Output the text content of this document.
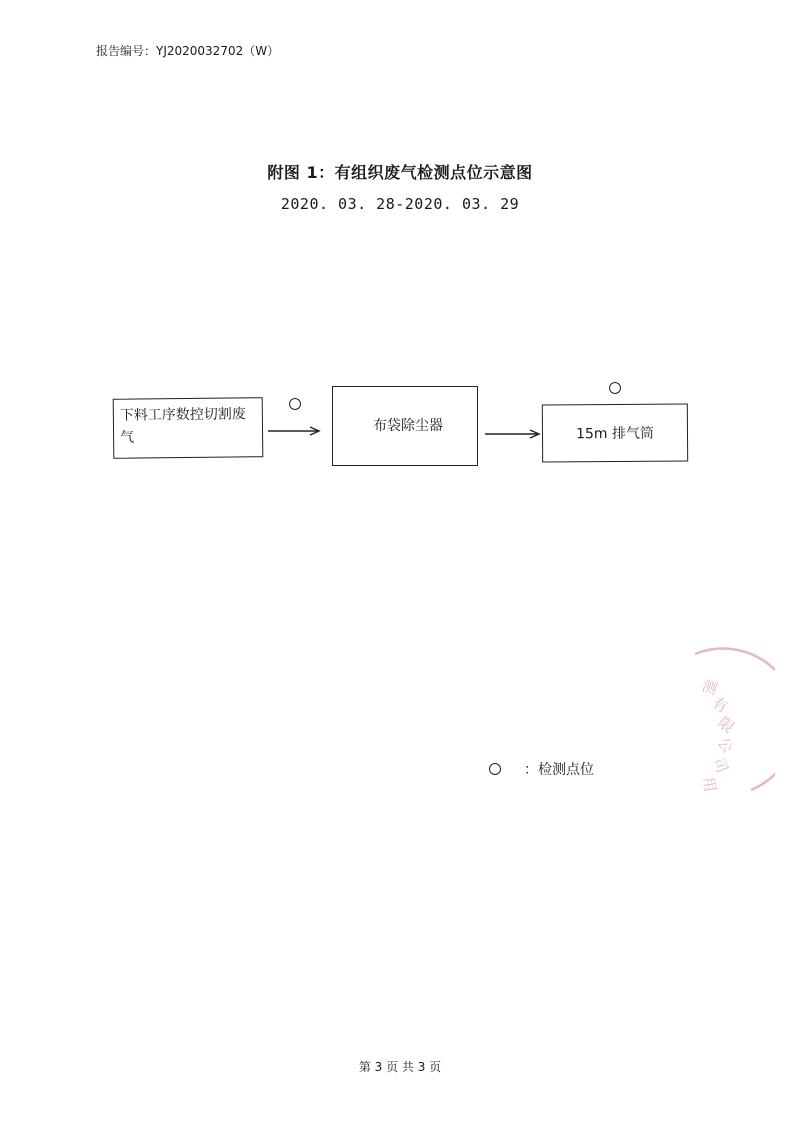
报告编号：YJ2020032702（W）
附图 1：有组织废气检测点位示意图
2020. 03. 28-2020. 03. 29
下料工序数控切割废气
布袋除尘器	15m 排气筒
：检测点位
测
有
限
公
司
用
第 3 页 共 3 页
